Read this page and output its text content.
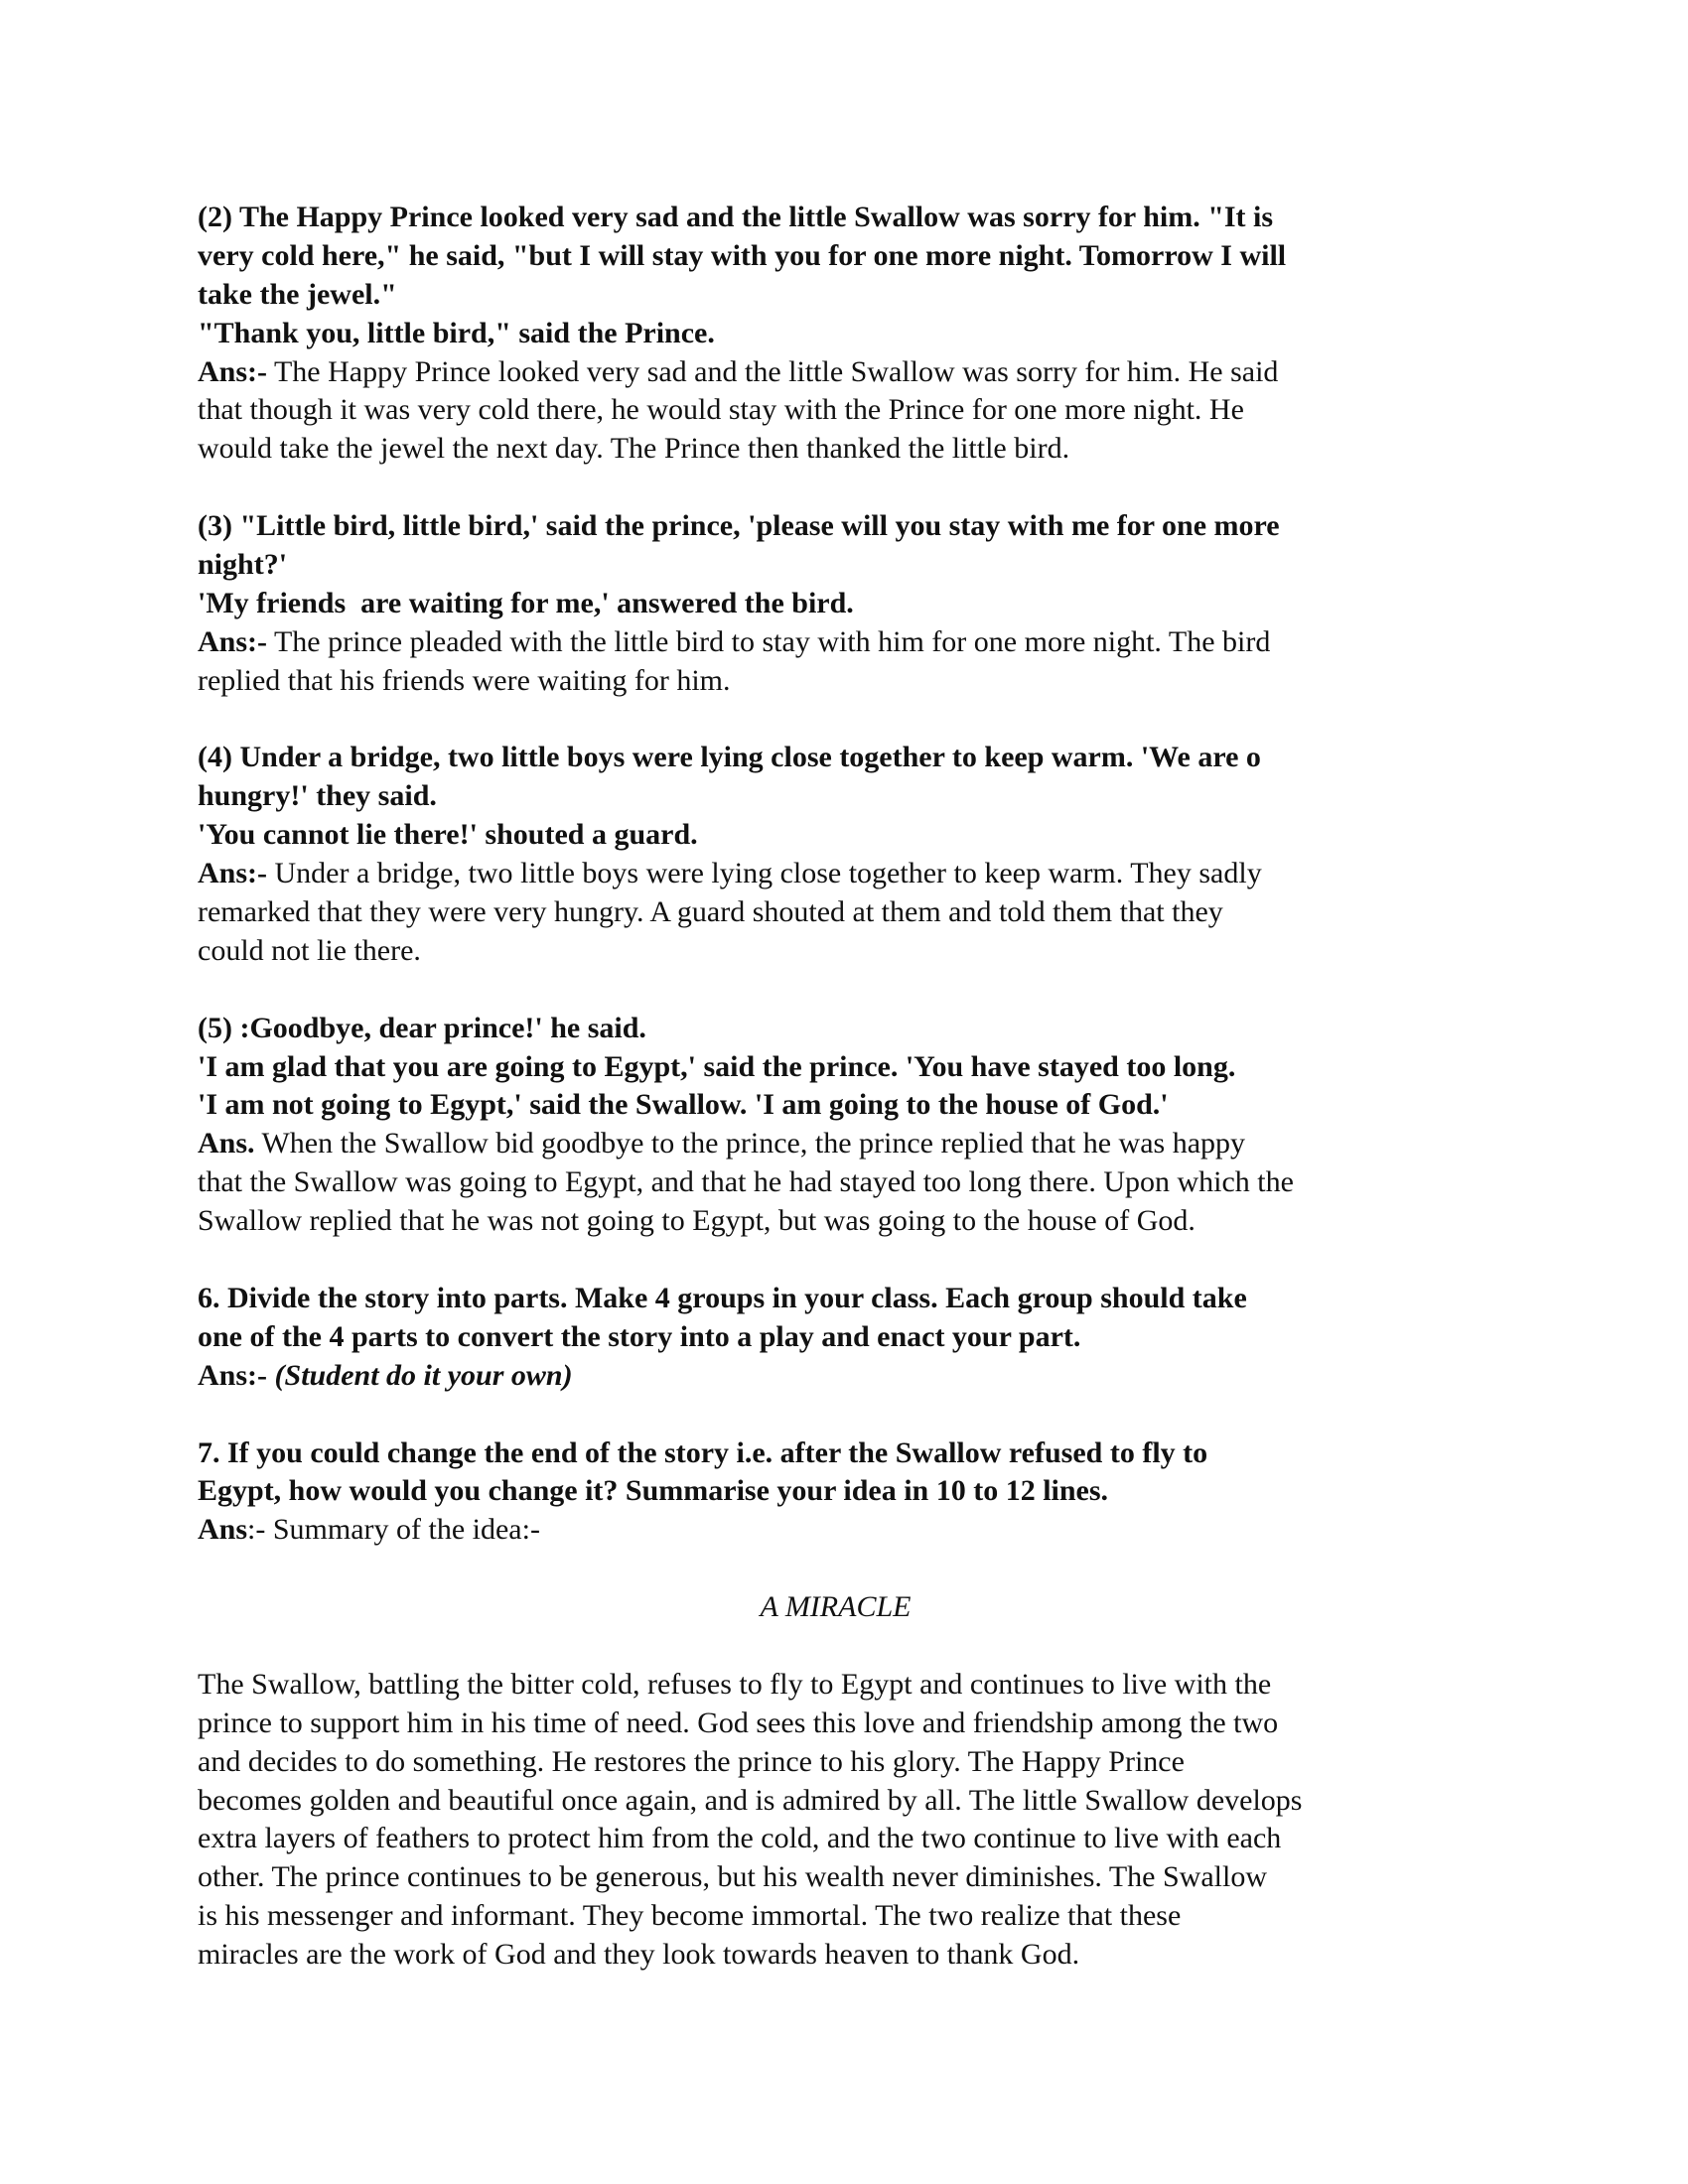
(2) The Happy Prince looked very sad and the little Swallow was sorry for him. "It is
very cold here," he said, "but I will stay with you for one more night. Tomorrow I will
take the jewel."
"Thank you, little bird," said the Prince.
Ans:- The Happy Prince looked very sad and the little Swallow was sorry for him. He said
that though it was very cold there, he would stay with the Prince for one more night. He
would take the jewel the next day. The Prince then thanked the little bird.
(3) "Little bird, little bird,' said the prince, 'please will you stay with me for one more
night?'
'My friends  are waiting for me,' answered the bird.
Ans:- The prince pleaded with the little bird to stay with him for one more night. The bird
replied that his friends were waiting for him.
(4) Under a bridge, two little boys were lying close together to keep warm. 'We are o
hungry!' they said.
'You cannot lie there!' shouted a guard.
Ans:- Under a bridge, two little boys were lying close together to keep warm. They sadly
remarked that they were very hungry. A guard shouted at them and told them that they
could not lie there.
(5) :Goodbye, dear prince!' he said.
'I am glad that you are going to Egypt,' said the prince. 'You have stayed too long.
'I am not going to Egypt,' said the Swallow. 'I am going to the house of God.'
Ans. When the Swallow bid goodbye to the prince, the prince replied that he was happy
that the Swallow was going to Egypt, and that he had stayed too long there. Upon which the
Swallow replied that he was not going to Egypt, but was going to the house of God.
6. Divide the story into parts. Make 4 groups in your class. Each group should take
one of the 4 parts to convert the story into a play and enact your part.
Ans:- (Student do it your own)
7. If you could change the end of the story i.e. after the Swallow refused to fly to
Egypt, how would you change it? Summarise your idea in 10 to 12 lines.
Ans:- Summary of the idea:-
A MIRACLE
The Swallow, battling the bitter cold, refuses to fly to Egypt and continues to live with the
prince to support him in his time of need. God sees this love and friendship among the two
and decides to do something. He restores the prince to his glory. The Happy Prince
becomes golden and beautiful once again, and is admired by all. The little Swallow develops
extra layers of feathers to protect him from the cold, and the two continue to live with each
other. The prince continues to be generous, but his wealth never diminishes. The Swallow
is his messenger and informant. They become immortal. The two realize that these
miracles are the work of God and they look towards heaven to thank God.
